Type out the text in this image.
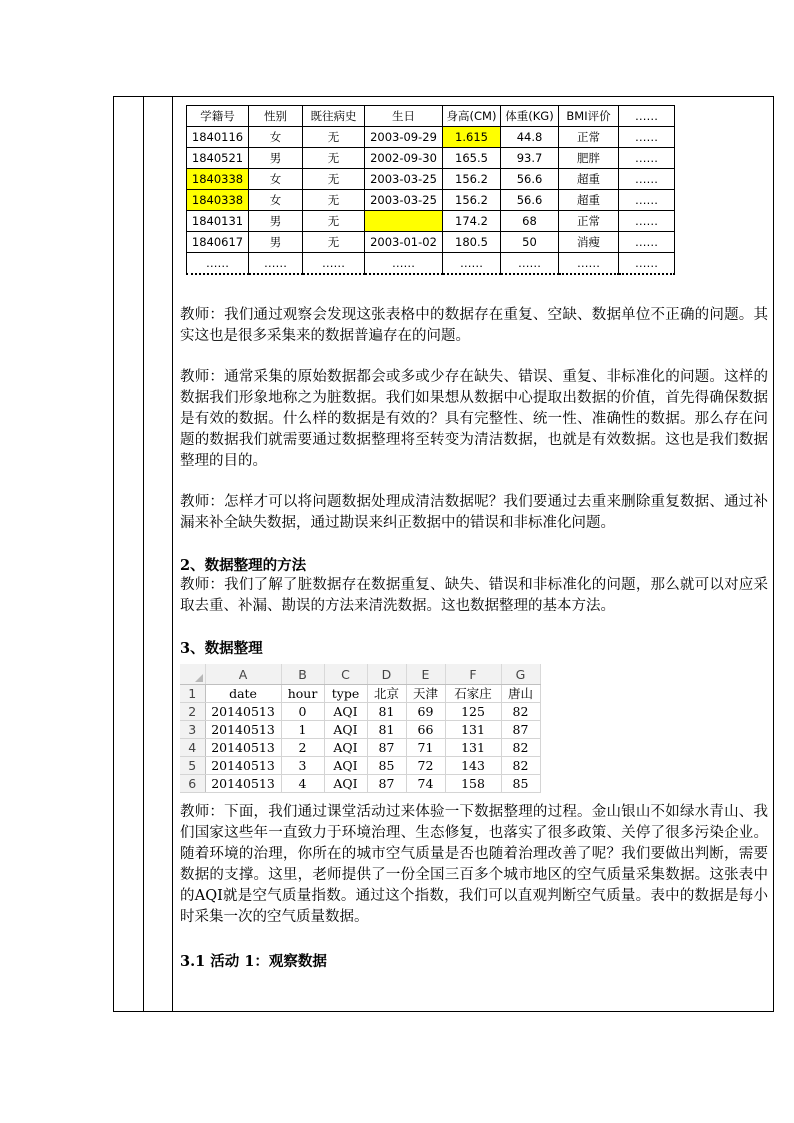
学籍号	性别	既往病史	生日	身高(CM)	体重(KG)	BMI评价	……
1840116	女	无	2003-09-29	1.615	44.8	正常	……
1840521	男	无	2002-09-30	165.5	93.7	肥胖	……
1840338	女	无	2003-03-25	156.2	56.6	超重	……
1840338	女	无	2003-03-25	156.2	56.6	超重	……
1840131	男	无		174.2	68	正常	……
1840617	男	无	2003-01-02	180.5	50	消瘦	……
……	……	……	……	……	……	……	……

教师：我们通过观察会发现这张表格中的数据存在重复、空缺、数据单位不正确的问题。其实这也是很多采集来的数据普遍存在的问题。

教师：通常采集的原始数据都会或多或少存在缺失、错误、重复、非标准化的问题。这样的数据我们形象地称之为脏数据。我们如果想从数据中心提取出数据的价值，首先得确保数据是有效的数据。什么样的数据是有效的？具有完整性、统一性、准确性的数据。那么存在问题的数据我们就需要通过数据整理将至转变为清洁数据，也就是有效数据。这也是我们数据整理的目的。

教师：怎样才可以将问题数据处理成清洁数据呢？我们要通过去重来删除重复数据、通过补漏来补全缺失数据，通过勘误来纠正数据中的错误和非标准化问题。

2、数据整理的方法

教师：我们了解了脏数据存在数据重复、缺失、错误和非标准化的问题，那么就可以对应采取去重、补漏、勘误的方法来清洗数据。这也数据整理的基本方法。

3、数据整理

	A	B	C	D	E	F	G
1	date	hour	type	北京	天津	石家庄	唐山
2	20140513	0	AQI	81	69	125	82
3	20140513	1	AQI	81	66	131	87
4	20140513	2	AQI	87	71	131	82
5	20140513	3	AQI	85	72	143	82
6	20140513	4	AQI	87	74	158	85

教师：下面，我们通过课堂活动过来体验一下数据整理的过程。金山银山不如绿水青山、我们国家这些年一直致力于环境治理、生态修复，也落实了很多政策、关停了很多污染企业。随着环境的治理，你所在的城市空气质量是否也随着治理改善了呢？我们要做出判断，需要数据的支撑。这里，老师提供了一份全国三百多个城市地区的空气质量采集数据。这张表中的AQI就是空气质量指数。通过这个指数，我们可以直观判断空气质量。表中的数据是每小时采集一次的空气质量数据。

3.1 活动 1：观察数据
